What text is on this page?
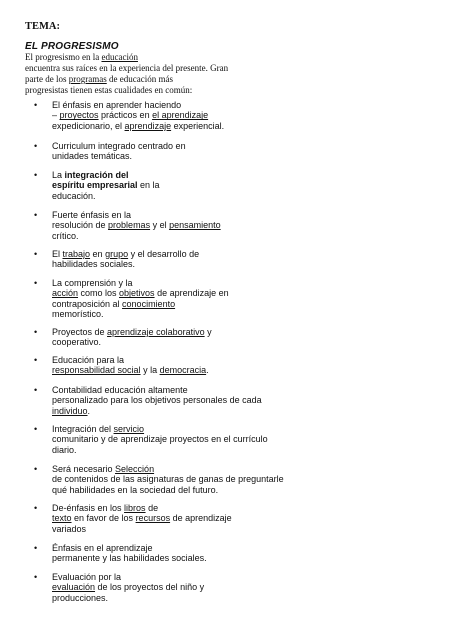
TEMA:
EL PROGRESISMO
El progresismo en la educación
encuentra sus raíces en la experiencia del presente. Gran
parte de los programas de educación más
progresistas tienen estas cualidades en común:
• El énfasis en aprender haciendo
– proyectos prácticos en el aprendizaje
expedicionario, el aprendizaje experiencial.
• Curriculum integrado centrado en
unidades temáticas.
• La integración del
espíritu empresarial en la
educación.
• Fuerte énfasis en la
resolución de problemas y el pensamiento
crítico.
• El trabajo en grupo y el desarrollo de
habilidades sociales.
• La comprensión y la
acción como los objetivos de aprendizaje en
contraposición al conocimiento
memorístico.
• Proyectos de aprendizaje colaborativo y
cooperativo.
• Educación para la
responsabilidad social y la democracia.
• Contabilidad educación altamente
personalizado para los objetivos personales de cada
individuo.
• Integración del servicio
comunitario y de aprendizaje proyectos en el currículo
diario.
• Será necesario Selección
de contenidos de las asignaturas de ganas de preguntarle
qué habilidades en la sociedad del futuro.
• De-énfasis en los libros de
texto en favor de los recursos de aprendizaje
variados
• Énfasis en el aprendizaje
permanente y las habilidades sociales.
• Evaluación por la
evaluación de los proyectos del niño y
producciones.
